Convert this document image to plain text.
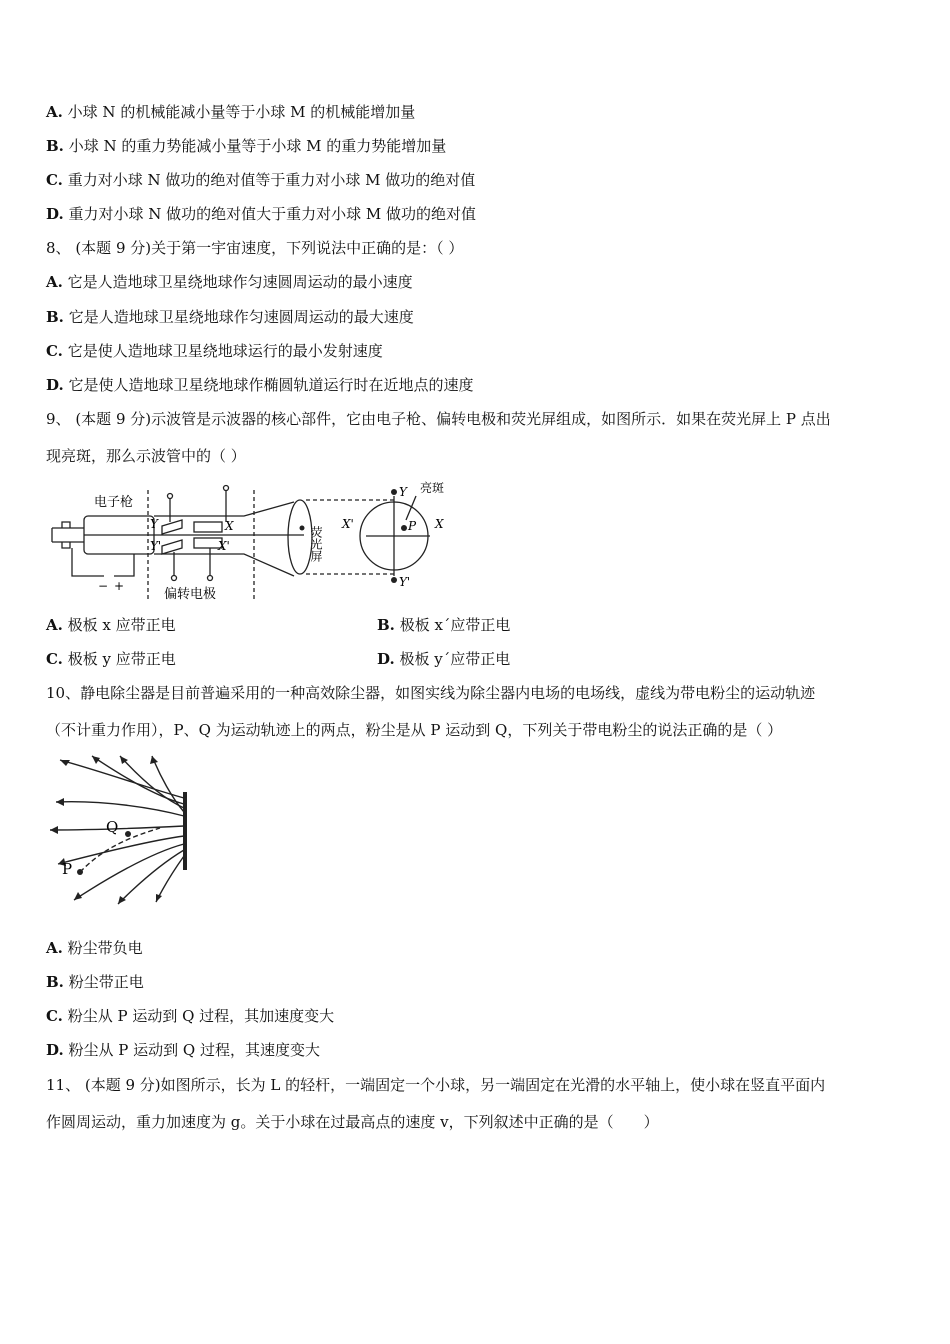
A. 小球 N 的机械能减小量等于小球 M 的机械能增加量
B. 小球 N 的重力势能减小量等于小球 M 的重力势能增加量
C. 重力对小球 N 做功的绝对值等于重力对小球 M 做功的绝对值
D. 重力对小球 N 做功的绝对值大于重力对小球 M 做功的绝对值
8、 (本题 9 分)关于第一宇宙速度，下列说法中正确的是：（ ）
A. 它是人造地球卫星绕地球作匀速圆周运动的最小速度
B. 它是人造地球卫星绕地球作匀速圆周运动的最大速度
C. 它是使人造地球卫星绕地球运行的最小发射速度
D. 它是使人造地球卫星绕地球作椭圆轨道运行时在近地点的速度
9、 (本题 9 分)示波管是示波器的核心部件，它由电子枪、偏转电极和荧光屏组成，如图所示．如果在荧光屏上 P 点出
现亮斑，那么示波管中的（ ）
电子枪
偏转电极
荧光屏
亮斑
Y
Y'
X
X'
Y
Y'
X
X'	P
− +
A. 极板 x 应带正电	B. 极板 x´应带正电
C. 极板 y 应带正电	D. 极板 y´应带正电
10、静电除尘器是目前普遍采用的一种高效除尘器，如图实线为除尘器内电场的电场线，虚线为带电粉尘的运动轨迹
（不计重力作用），P、Q 为运动轨迹上的两点，粉尘是从 P 运动到 Q，下列关于带电粉尘的说法正确的是（ ）
P
Q
A. 粉尘带负电
B. 粉尘带正电
C. 粉尘从 P 运动到 Q 过程，其加速度变大
D. 粉尘从 P 运动到 Q 过程，其速度变大
11、 (本题 9 分)如图所示，长为 L 的轻杆，一端固定一个小球，另一端固定在光滑的水平轴上，使小球在竖直平面内
作圆周运动，重力加速度为 g。关于小球在过最高点的速度 v，下列叙述中正确的是（　　）
